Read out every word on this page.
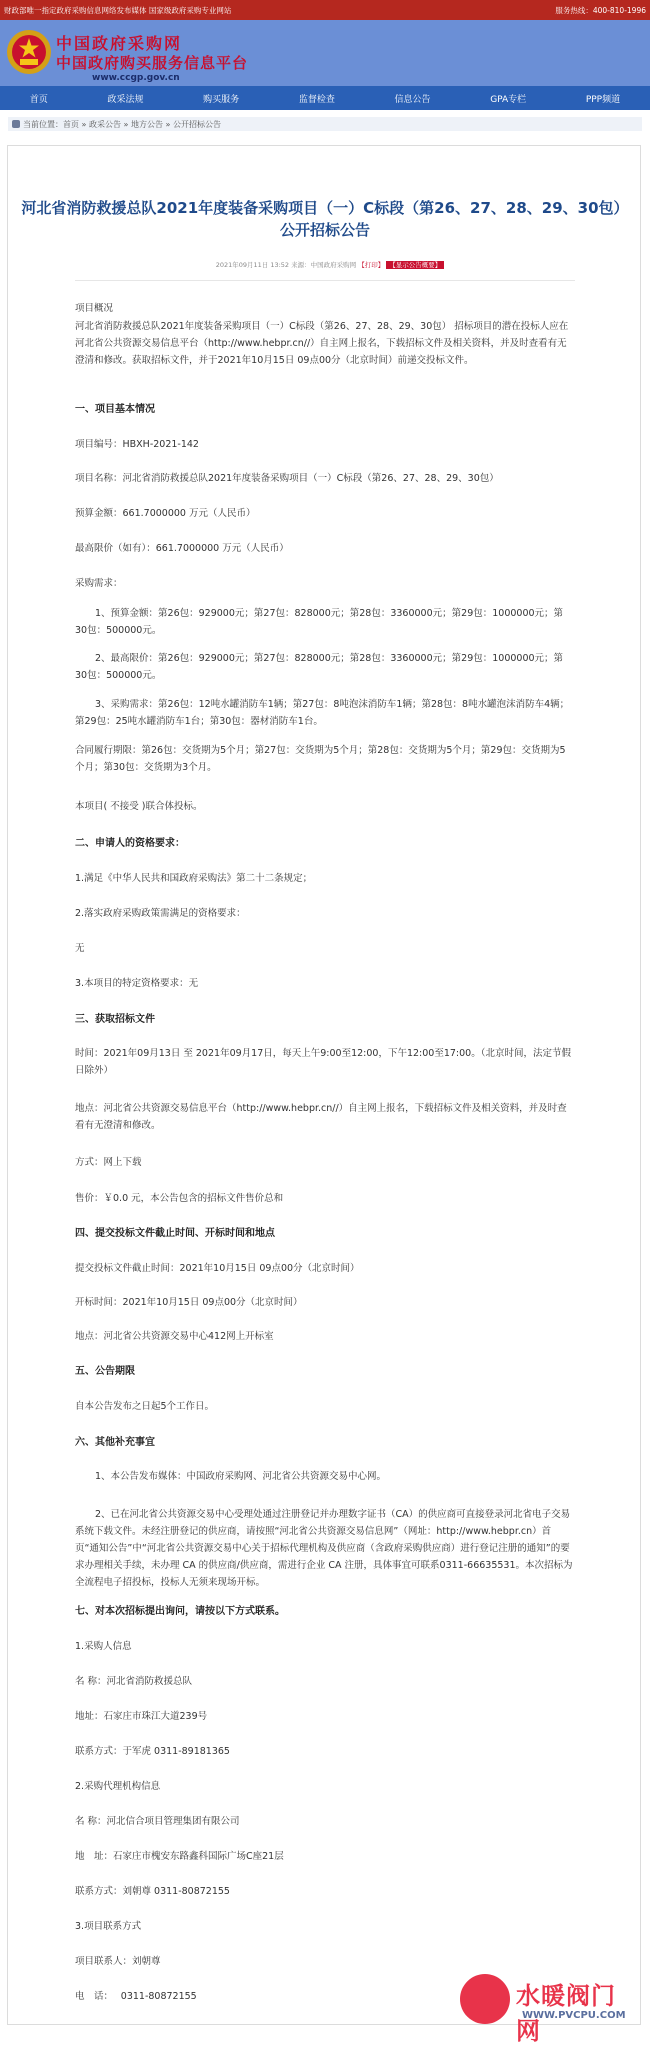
财政部唯一指定政府采购信息网络发布媒体 国家级政府采购专业网站	服务热线：400-810-1996
中国政府采购网
中国政府购买服务信息平台
www.ccgp.gov.cn
首页	政采法规	购买服务	监督检查	信息公告	GPA专栏	PPP频道
当前位置：首页 » 政采公告 » 地方公告 » 公开招标公告
河北省消防救援总队2021年度装备采购项目（一）C标段（第26、27、28、29、30包）公开招标公告
2021年09月11日 13:52 来源：中国政府采购网 【打印】 【显示公告概要】
项目概况
河北省消防救援总队2021年度装备采购项目（一）C标段（第26、27、28、29、30包） 招标项目的潜在投标人应在河北省公共资源交易信息平台（http://www.hebpr.cn//）自主网上报名，下载招标文件及相关资料，并及时查看有无澄清和修改。获取招标文件，并于2021年10月15日 09点00分（北京时间）前递交投标文件。
一、项目基本情况
项目编号：HBXH-2021-142
项目名称：河北省消防救援总队2021年度装备采购项目（一）C标段（第26、27、28、29、30包）
预算金额：661.7000000 万元（人民币）
最高限价（如有）：661.7000000 万元（人民币）
采购需求：
1、预算金额：第26包：929000元；第27包：828000元；第28包：3360000元；第29包：1000000元；第30包：500000元。
2、最高限价：第26包：929000元；第27包：828000元；第28包：3360000元；第29包：1000000元；第30包：500000元。
3、采购需求：第26包：12吨水罐消防车1辆；第27包：8吨泡沫消防车1辆；第28包：8吨水罐泡沫消防车4辆；第29包：25吨水罐消防车1台；第30包：器材消防车1台。
合同履行期限：第26包：交货期为5个月；第27包：交货期为5个月；第28包：交货期为5个月；第29包：交货期为5个月；第30包：交货期为3个月。
本项目( 不接受 )联合体投标。
二、申请人的资格要求：
1.满足《中华人民共和国政府采购法》第二十二条规定；
2.落实政府采购政策需满足的资格要求：
无
3.本项目的特定资格要求：无
三、获取招标文件
时间：2021年09月13日 至 2021年09月17日，每天上午9:00至12:00，下午12:00至17:00。（北京时间，法定节假日除外）
地点：河北省公共资源交易信息平台（http://www.hebpr.cn//）自主网上报名，下载招标文件及相关资料，并及时查看有无澄清和修改。
方式：网上下载
售价：￥0.0 元，本公告包含的招标文件售价总和
四、提交投标文件截止时间、开标时间和地点
提交投标文件截止时间：2021年10月15日 09点00分（北京时间）
开标时间：2021年10月15日 09点00分（北京时间）
地点：河北省公共资源交易中心412网上开标室
五、公告期限
自本公告发布之日起5个工作日。
六、其他补充事宜
1、本公告发布媒体：中国政府采购网、河北省公共资源交易中心网。
2、已在河北省公共资源交易中心受理处通过注册登记并办理数字证书（CA）的供应商可直接登录河北省电子交易系统下载文件。未经注册登记的供应商，请按照“河北省公共资源交易信息网”（网址：http://www.hebpr.cn）首页“通知公告”中“河北省公共资源交易中心关于招标代理机构及供应商（含政府采购供应商）进行登记注册的通知”的要求办理相关手续，未办理 CA 的供应商/供应商，需进行企业 CA 注册，具体事宜可联系0311-66635531。本次招标为全流程电子招投标，投标人无须来现场开标。
七、对本次招标提出询问，请按以下方式联系。
1.采购人信息
名 称：河北省消防救援总队
地址：石家庄市珠江大道239号
联系方式：于军虎 0311-89181365
2.采购代理机构信息
名 称：河北信合项目管理集团有限公司
地　址：石家庄市槐安东路鑫科国际广场C座21层
联系方式：刘朝尊 0311-80872155
3.项目联系方式
项目联系人：刘朝尊
电　话：　 0311-80872155	水暖阀门网
WWW.PVCPU.COM
